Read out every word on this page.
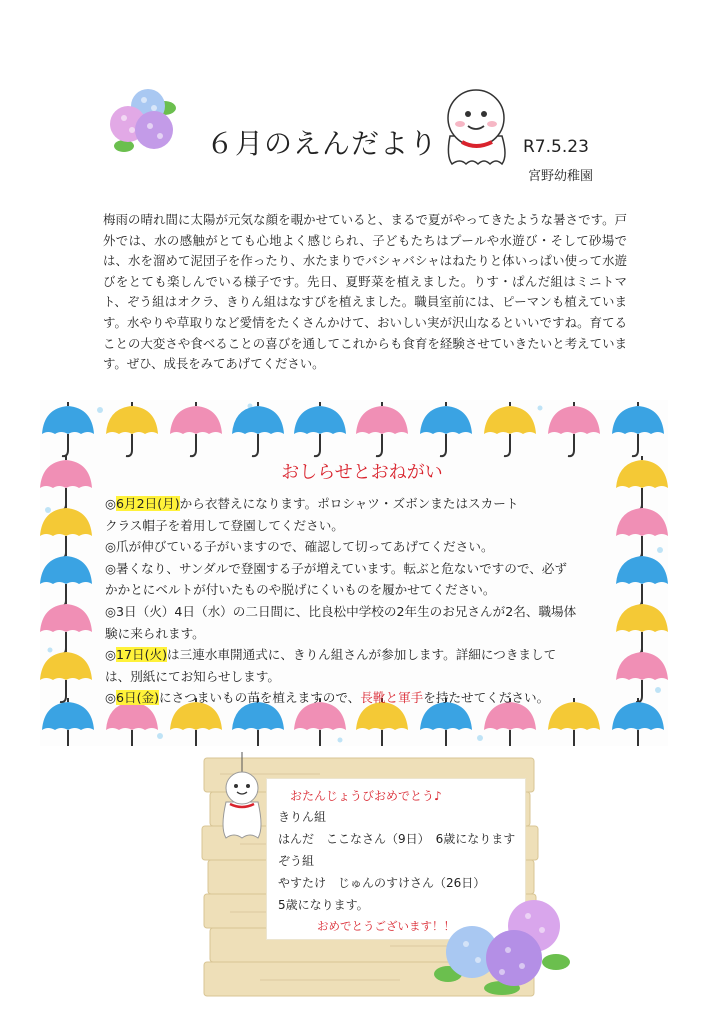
６月のえんだより	R7.5.23
宮野幼稚園
梅雨の晴れ間に太陽が元気な顔を覗かせていると、まるで夏がやってきたような暑さです。戸外では、水の感触がとても心地よく感じられ、子どもたちはプールや水遊び・そして砂場では、水を溜めて泥団子を作ったり、水たまりでバシャバシャはねたりと体いっぱい使って水遊びをとても楽しんでいる様子です。先日、夏野菜を植えました。りす・ぱんだ組はミニトマト、ぞう組はオクラ、きりん組はなすびを植えました。職員室前には、ピーマンも植えています。水やりや草取りなど愛情をたくさんかけて、おいしい実が沢山なるといいですね。育てることの大変さや食べることの喜びを通してこれからも食育を経験させていきたいと考えています。ぜひ、成長をみてあげてください。
おしらせとおねがい
◎6月2日(月)から衣替えになります。ポロシャツ・ズボンまたはスカート
クラス帽子を着用して登園してください。
◎爪が伸びている子がいますので、確認して切ってあげてください。
◎暑くなり、サンダルで登園する子が増えています。転ぶと危ないですので、必ず
かかとにベルトが付いたものや脱げにくいものを履かせてください。
◎3日（火）4日（水）の二日間に、比良松中学校の2年生のお兄さんが2名、職場体
験に来られます。
◎17日(火)は三連水車開通式に、きりん組さんが参加します。詳細につきまして
は、別紙にてお知らせします。
◎6日(金)にさつまいもの苗を植えますので、長靴と軍手を持たせてください。
おたんじょうびおめでとう♪
きりん組
はんだ　ここなさん（9日）　6歳になります
ぞう組
やすたけ　じゅんのすけさん（26日）
5歳になります。
おめでとうございます！！
